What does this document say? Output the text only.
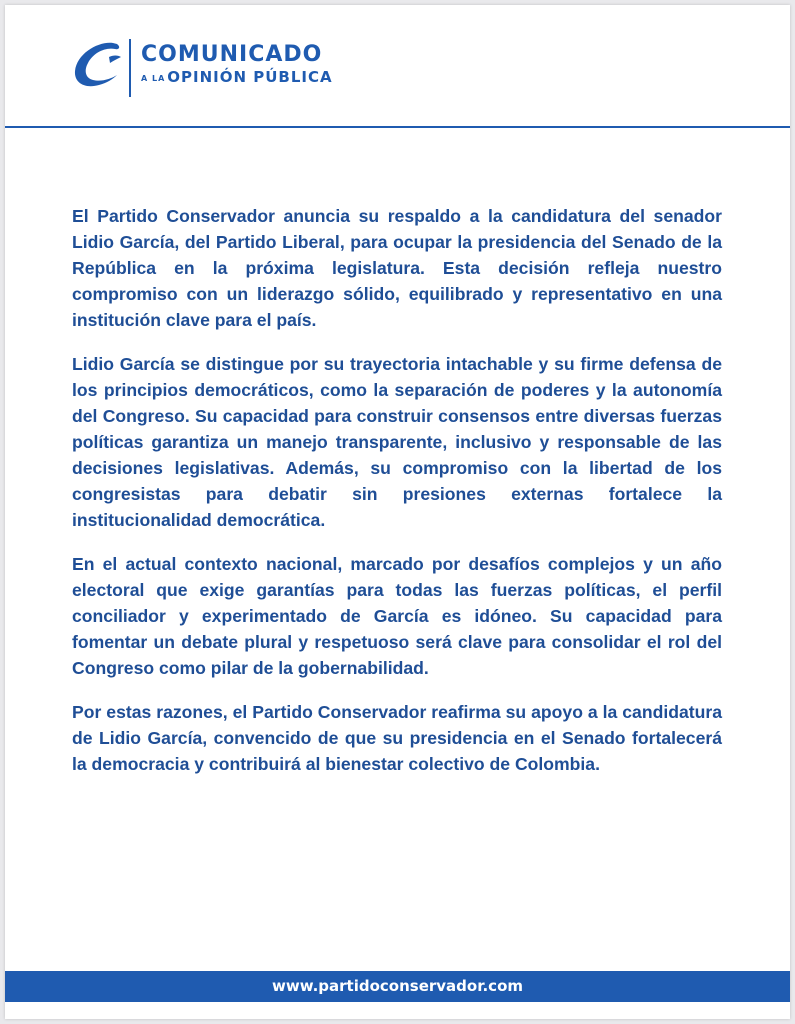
COMUNICADO
A LA OPINIÓN PÚBLICA

El Partido Conservador anuncia su respaldo a la candidatura del senador Lidio García, del Partido Liberal, para ocupar la presidencia del Senado de la República en la próxima legislatura. Esta decisión refleja nuestro compromiso con un liderazgo sólido, equilibrado y representativo en una institución clave para el país.

Lidio García se distingue por su trayectoria intachable y su firme defensa de los principios democráticos, como la separación de poderes y la autonomía del Congreso. Su capacidad para construir consensos entre diversas fuerzas políticas garantiza un manejo transparente, inclusivo y responsable de las decisiones legislativas. Además, su compromiso con la libertad de los congresistas para debatir sin presiones externas fortalece la institucionalidad democrática.

En el actual contexto nacional, marcado por desafíos complejos y un año electoral que exige garantías para todas las fuerzas políticas, el perfil conciliador y experimentado de García es idóneo. Su capacidad para fomentar un debate plural y respetuoso será clave para consolidar el rol del Congreso como pilar de la gobernabilidad.

Por estas razones, el Partido Conservador reafirma su apoyo a la candidatura de Lidio García, convencido de que su presidencia en el Senado fortalecerá la democracia y contribuirá al bienestar colectivo de Colombia.

www.partidoconservador.com
